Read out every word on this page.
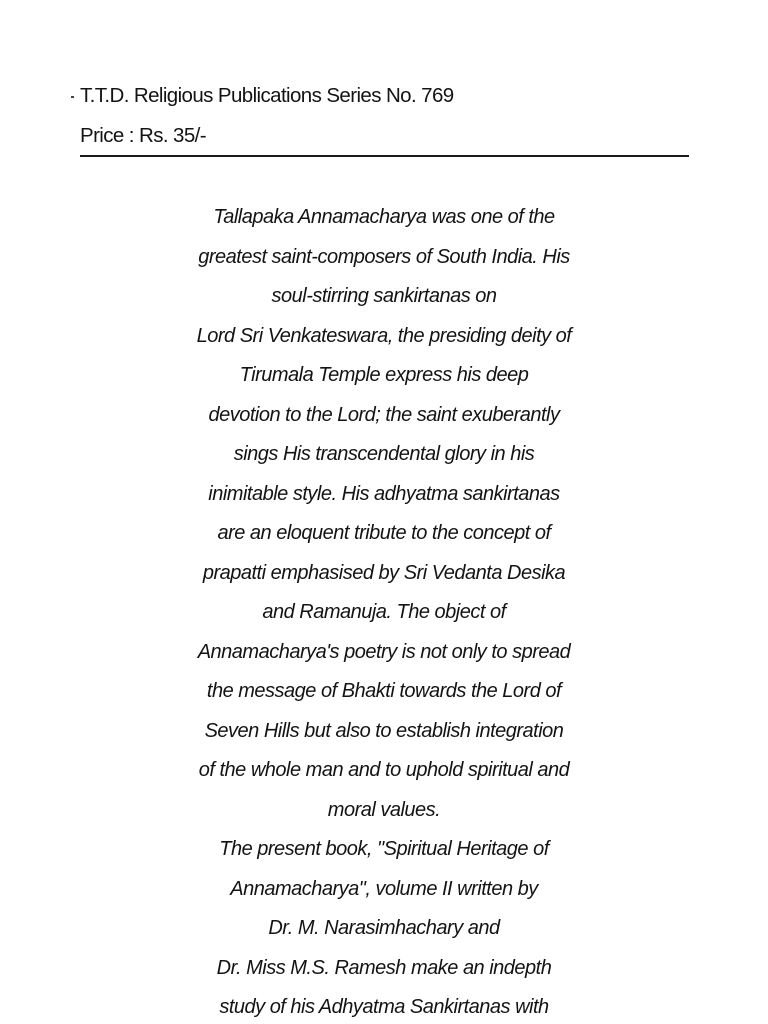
T.T.D. Religious Publications Series No. 769
Price : Rs. 35/-
Tallapaka Annamacharya was one of the
greatest saint-composers of South India. His
soul-stirring sankirtanas on
Lord Sri Venkateswara, the presiding deity of
Tirumala Temple express his deep
devotion to the Lord; the saint exuberantly
sings His transcendental glory in his
inimitable style. His adhyatma sankirtanas
are an eloquent tribute to the concept of
prapatti emphasised by Sri Vedanta Desika
and Ramanuja. The object of
Annamacharya's poetry is not only to spread
the message of Bhakti towards the Lord of
Seven Hills but also to establish integration
of the whole man and to uphold spiritual and
moral values.
The present book, "Spiritual Heritage of
Annamacharya", volume II written by
Dr. M. Narasimhachary and
Dr. Miss M.S. Ramesh make an indepth
study of his Adhyatma Sankirtanas with
